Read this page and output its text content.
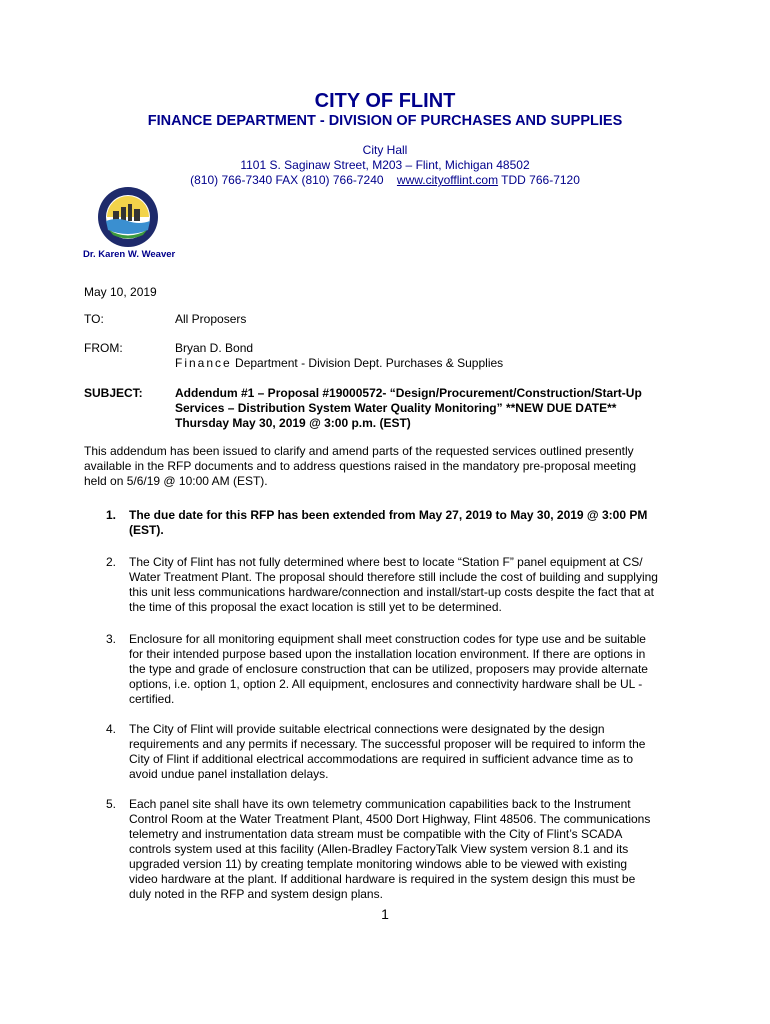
CITY OF FLINT
FINANCE DEPARTMENT - DIVISION OF PURCHASES AND SUPPLIES
City Hall
1101 S. Saginaw Street, M203 – Flint, Michigan 48502
(810) 766-7340 FAX (810) 766-7240 www.cityofflint.com TDD 766-7120
Dr. Karen W. Weaver
May 10, 2019
TO:	All Proposers
FROM:	Bryan D. Bond
Finance Department - Division Dept. Purchases & Supplies
SUBJECT:	Addendum #1 – Proposal #19000572- “Design/Procurement/Construction/Start-Up
Services – Distribution System Water Quality Monitoring” **NEW DUE DATE**
Thursday May 30, 2019 @ 3:00 p.m. (EST)
This addendum has been issued to clarify and amend parts of the requested services outlined presently
available in the RFP documents and to address questions raised in the mandatory pre-proposal meeting
held on 5/6/19 @ 10:00 AM (EST).
1. The due date for this RFP has been extended from May 27, 2019 to May 30, 2019 @ 3:00 PM
(EST).
2. The City of Flint has not fully determined where best to locate “Station F” panel equipment at CS/
Water Treatment Plant. The proposal should therefore still include the cost of building and supplying
this unit less communications hardware/connection and install/start-up costs despite the fact that at
the time of this proposal the exact location is still yet to be determined.
3. Enclosure for all monitoring equipment shall meet construction codes for type use and be suitable
for their intended purpose based upon the installation location environment. If there are options in
the type and grade of enclosure construction that can be utilized, proposers may provide alternate
options, i.e. option 1, option 2. All equipment, enclosures and connectivity hardware shall be UL -
certified.
4. The City of Flint will provide suitable electrical connections were designated by the design
requirements and any permits if necessary. The successful proposer will be required to inform the
City of Flint if additional electrical accommodations are required in sufficient advance time as to
avoid undue panel installation delays.
5. Each panel site shall have its own telemetry communication capabilities back to the Instrument
Control Room at the Water Treatment Plant, 4500 Dort Highway, Flint 48506. The communications
telemetry and instrumentation data stream must be compatible with the City of Flint’s SCADA
controls system used at this facility (Allen-Bradley FactoryTalk View system version 8.1 and its
upgraded version 11) by creating template monitoring windows able to be viewed with existing
video hardware at the plant. If additional hardware is required in the system design this must be
duly noted in the RFP and system design plans.
1
